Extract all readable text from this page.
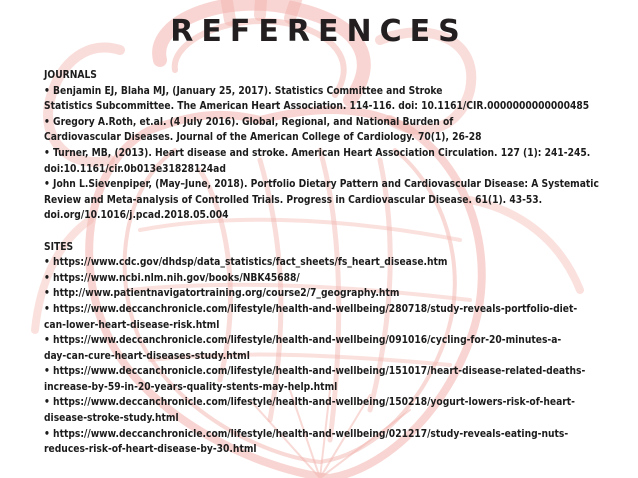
REFERENCES

JOURNALS

• Benjamin EJ, Blaha MJ, (January 25, 2017). Statistics Committee and Stroke
Statistics Subcommittee. The American Heart Association. 114-116. doi: 10.1161/CIR.0000000000000485

• Gregory A.Roth, et.al. (4 July 2016). Global, Regional, and National Burden of
Cardiovascular Diseases. Journal of the American College of Cardiology. 70(1), 26-28

• Turner, MB, (2013). Heart disease and stroke. American Heart Association Circulation. 127 (1): 241-245.
doi:10.1161/cir.0b013e31828124ad

• John L.Sievenpiper, (May–June, 2018). Portfolio Dietary Pattern and Cardiovascular Disease: A Systematic
Review and Meta-analysis of Controlled Trials. Progress in Cardiovascular Disease. 61(1). 43-53.
doi.org/10.1016/j.pcad.2018.05.004

SITES

• https://www.cdc.gov/dhdsp/data_statistics/fact_sheets/fs_heart_disease.htm

• https://www.ncbi.nlm.nih.gov/books/NBK45688/

• http://www.patientnavigatortraining.org/course2/7_geography.htm

• https://www.deccanchronicle.com/lifestyle/health-and-wellbeing/280718/study-reveals-portfolio-diet-
can-lower-heart-disease-risk.html

• https://www.deccanchronicle.com/lifestyle/health-and-wellbeing/091016/cycling-for-20-minutes-a-
day-can-cure-heart-diseases-study.html

• https://www.deccanchronicle.com/lifestyle/health-and-wellbeing/151017/heart-disease-related-deaths-
increase-by-59-in-20-years-quality-stents-may-help.html

• https://www.deccanchronicle.com/lifestyle/health-and-wellbeing/150218/yogurt-lowers-risk-of-heart-
disease-stroke-study.html

• https://www.deccanchronicle.com/lifestyle/health-and-wellbeing/021217/study-reveals-eating-nuts-
reduces-risk-of-heart-disease-by-30.html
